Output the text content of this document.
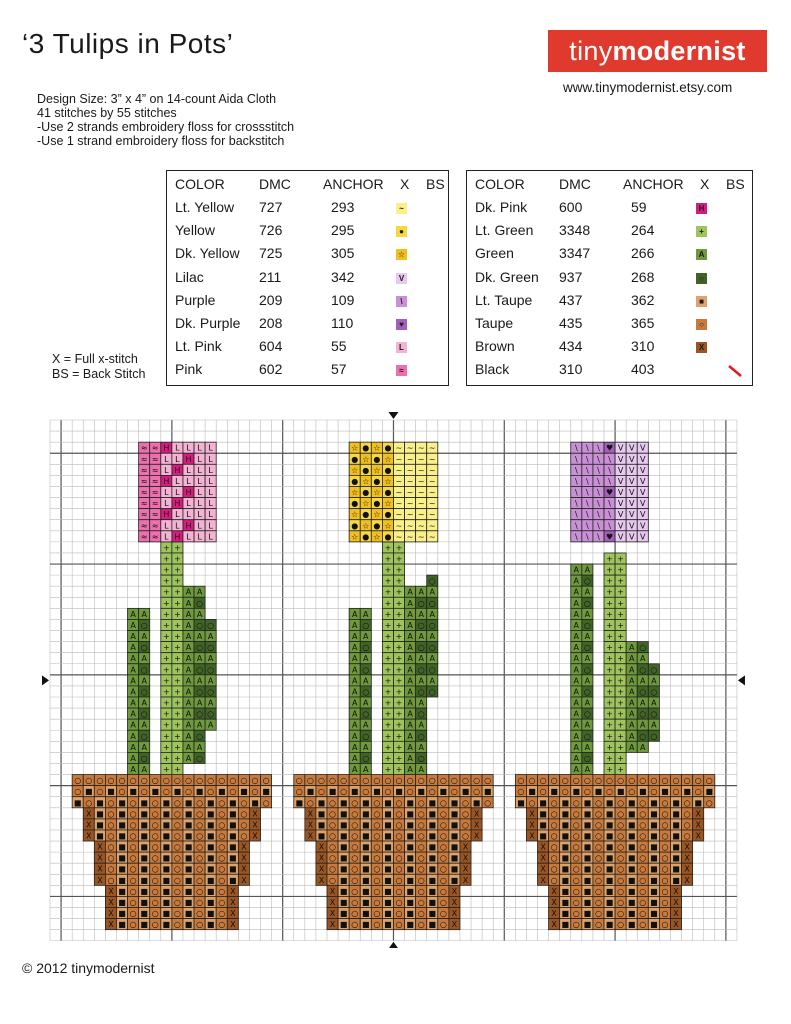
‘3 Tulips in Pots’	tiny modernist
www.tinymodernist.etsy.com
Design Size: 3” x 4” on 14-count Aida Cloth
41 stitches by 55 stitches
-Use 2 strands embroidery floss for crossstitch
-Use 1 strand embroidery floss for backstitch
X = Full x-stitch
BS = Back Stitch
COLOR DMC ANCHOR X BS
Lt. Yellow 727	293	~
Yellow	726	295	●
Dk. Yellow 725	305	☆
Lilac	211	342	V
Purple	209	109	\
Dk. Purple 208	110	♥
Lt. Pink	604	55	L
Pink	602	57	≈
COLOR DMC ANCHOR X BS
Dk. Pink 600	59	H
Lt. Green 3348	264	+
Green	3347	266	A
Dk. Green 937	268	○
Lt. Taupe 437	362	■
Taupe	435	365	○
Brown	434	310	X
Black	310	403
○ ○ ○ ○ ○ ○ ○ ○ ○ ○ ○ ○ ○ ○ ○ ○ ○ ○
○ ■ ○ ■ ○ ■ ○ ■ ○ ■ ○ ■ ○ ■ ○ ■ ○ ■
■ ○ ■ ○ ■ ○ ■ ○ ■ ○ ■ ○ ■ ○ ■ ○ ■ ○
X ■ ○ ■ ○ ■ ○ ■ ○ ■ ○ ■ ○ ■ ○ X
X ■ ○ ■ ○ ■ ○ ■ ○ ■ ○ ■ ○ ■ ○ X
X ■ ○ ■ ○ ■ ○ ■ ○ ■ ○ ■ ○ ■ ○ X
X ○ ■ ○ ■ ○ ■ ○ ■ ○ ■ ○ ■ X
X ○ ■ ○ ■ ○ ■ ○ ■ ○ ■ ○ ■ X
X ○ ■ ○ ■ ○ ■ ○ ■ ○ ■ ○ ■ X
X ○ ■ ○ ■ ○ ■ ○ ■ ○ ■ ○ ■ X
X ■ ○ ■ ○ ■ ○ ■ ○ ■ ○ X
X ■ ○ ■ ○ ■ ○ ■ ○ ■ ○ X
X ■ ○ ■ ○ ■ ○ ■ ○ ■ ○ X
X ■ ○ ■ ○ ■ ○ ■ ○ ■ ○ X
○ ○ ○ ○ ○ ○ ○ ○ ○ ○ ○ ○ ○ ○ ○ ○ ○ ○
○ ■ ○ ■ ○ ■ ○ ■ ○ ■ ○ ■ ○ ■ ○ ■ ○ ■
■ ○ ■ ○ ■ ○ ■ ○ ■ ○ ■ ○ ■ ○ ■ ○ ■ ○
X ■ ○ ■ ○ ■ ○ ■ ○ ■ ○ ■ ○ ■ ○ X
X ■ ○ ■ ○ ■ ○ ■ ○ ■ ○ ■ ○ ■ ○ X
X ■ ○ ■ ○ ■ ○ ■ ○ ■ ○ ■ ○ ■ ○ X
X ○ ■ ○ ■ ○ ■ ○ ■ ○ ■ ○ ■ X
X ○ ■ ○ ■ ○ ■ ○ ■ ○ ■ ○ ■ X
X ○ ■ ○ ■ ○ ■ ○ ■ ○ ■ ○ ■ X
X ○ ■ ○ ■ ○ ■ ○ ■ ○ ■ ○ ■ X
X ■ ○ ■ ○ ■ ○ ■ ○ ■ ○ X
X ■ ○ ■ ○ ■ ○ ■ ○ ■ ○ X
X ■ ○ ■ ○ ■ ○ ■ ○ ■ ○ X
X ■ ○ ■ ○ ■ ○ ■ ○ ■ ○ X
○ ○ ○ ○ ○ ○ ○ ○ ○ ○ ○ ○ ○ ○ ○ ○ ○ ○
○ ■ ○ ■ ○ ■ ○ ■ ○ ■ ○ ■ ○ ■ ○ ■ ○ ■
■ ○ ■ ○ ■ ○ ■ ○ ■ ○ ■ ○ ■ ○ ■ ○ ■ ○
X ■ ○ ■ ○ ■ ○ ■ ○ ■ ○ ■ ○ ■ ○ X
X ■ ○ ■ ○ ■ ○ ■ ○ ■ ○ ■ ○ ■ ○ X
X ■ ○ ■ ○ ■ ○ ■ ○ ■ ○ ■ ○ ■ ○ X
X ○ ■ ○ ■ ○ ■ ○ ■ ○ ■ ○ ■ X
X ○ ■ ○ ■ ○ ■ ○ ■ ○ ■ ○ ■ X
X ○ ■ ○ ■ ○ ■ ○ ■ ○ ■ ○ ■ X
X ○ ■ ○ ■ ○ ■ ○ ■ ○ ■ ○ ■ X
X ■ ○ ■ ○ ■ ○ ■ ○ ■ ○ X
X ■ ○ ■ ○ ■ ○ ■ ○ ■ ○ X
X ■ ○ ■ ○ ■ ○ ■ ○ ■ ○ X
X ■ ○ ■ ○ ■ ○ ■ ○ ■ ○ X
+
+
+
+
+
+
+
+
+
+
+
+
+
+
+
+
+
+
+
+
+
+
+
+
+
+
+
+
+
+
+
+
+
+
+
+
+
+
+
+
+
+
A A
A ○
A A
A ○
A A
A ○
A A
A ○
A A
A ○
A A
A ○
A A
A ○
A A
A A
A ○
A A
A ○
A A
A ○
A A
A ○
A A
A ○
A A
A ○
A A
A ○
A A
A ○
○
A
○
A
○
A
○
A
○
A
≈ ≈ H L L L L
≈ ≈ L L H L L
≈ ≈ L H L L L
≈ ≈ H L L L L
≈ ≈ L L H L L
≈ ≈ L H L L L
≈ ≈ H L L L L
≈ ≈ L L H L L
≈ ≈ L H L L L
+
+
+
+
+
+
+
+
+
+
+
+
+
+
+
+
+
+
+
+
+
+
+
+
+
+
+
+
+
+
+
+
+
+
+
+
+
+
+
+
+
+
A A
A ○
A A
A ○
A A
A ○
A A
A ○
A A
A ○
A A
A ○
A A
A ○
A A
A A
A ○
A A
A ○
A A
A ○
A A
A ○
A A
A ○
A A
A ○
A A
A ○
A A
A ○
A A
○
A
○
A
○
A
○
A
○
A
○
☆ ● ☆ ● ~ ~ ~ ~
● ☆ ● ☆ ~ ~ ~ ~
☆ ● ☆ ● ~ ~ ~ ~
● ☆ ● ☆ ~ ~ ~ ~
☆ ● ☆ ● ~ ~ ~ ~
● ☆ ● ☆ ~ ~ ~ ~
☆ ● ☆ ● ~ ~ ~ ~
● ☆ ● ☆ ~ ~ ~ ~
☆ ● ☆ ● ~ ~ ~ ~
+
+
+
+
+
+
+
+
+
+
+
+
+
+
+
+
+
+
+
+
+
+
+
+
+
+
+
+
+
+
+
+
+
+
+
+
+
+
+
+
A A
A ○
A A
A ○
A A
A ○
A A
A ○
A A
A ○
A A
A ○
A A
A ○
A A
A ○
A A
A ○
A A
A ○
A A
A ○
A A
A ○
A A
A ○
A A
A ○
A A
○
A
○
A
○
A
○
\ \ \ ♥ V V V
\ \ \ \ V V V
\ \ \ \ V V V
\ \ \ \ V V V
\ \ \ ♥ V V V
\ \ \ \ V V V
\ \ \ \ V V V
\ \ \ \ V V V
\ \ \ ♥ V V V
© 2012 tinymodernist
